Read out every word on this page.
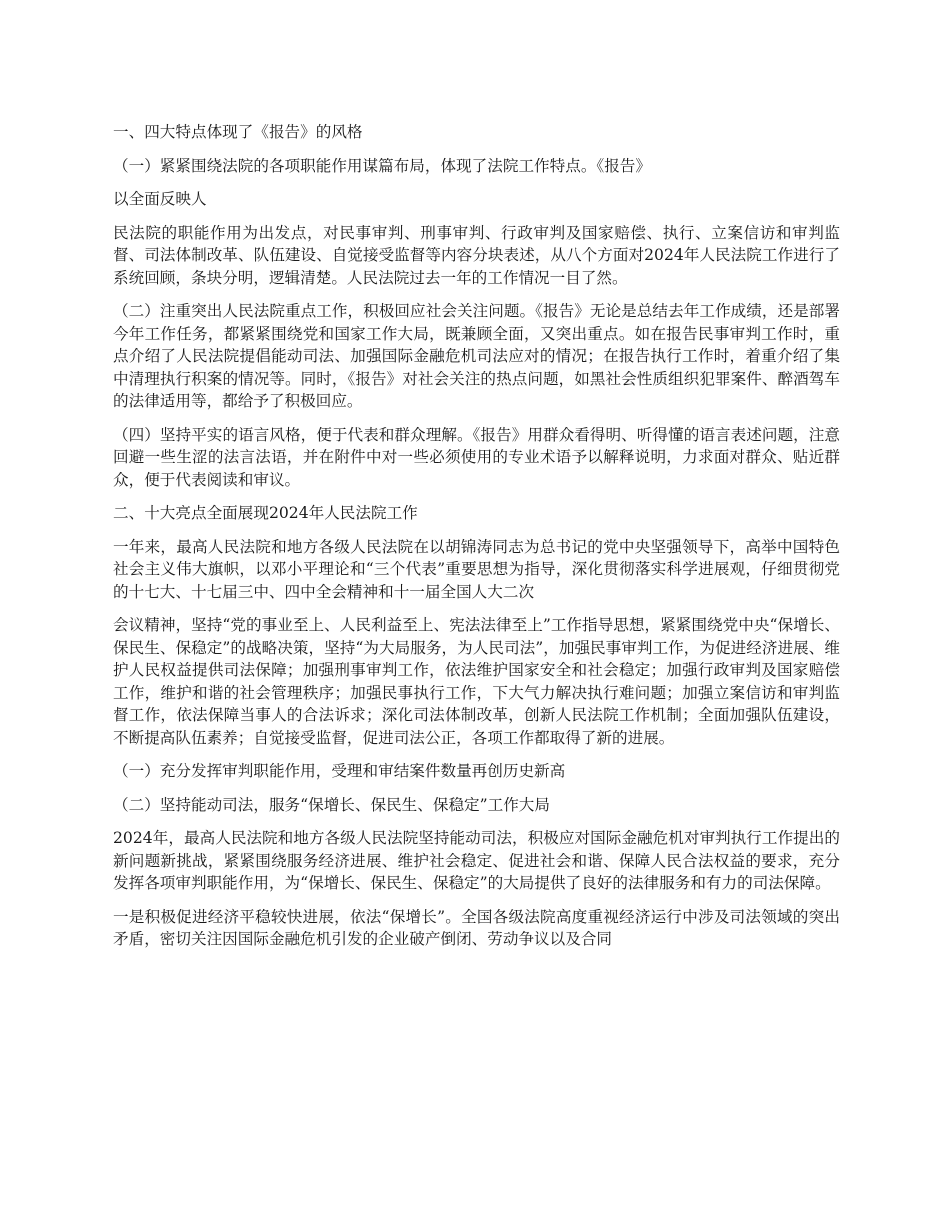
一、四大特点体现了《报告》的风格

（一）紧紧围绕法院的各项职能作用谋篇布局，体现了法院工作特点。《报告》

以全面反映人

民法院的职能作用为出发点，对民事审判、刑事审判、行政审判及国家赔偿、执行、立案信访和审判监督、司法体制改革、队伍建设、自觉接受监督等内容分块表述，从八个方面对2024年人民法院工作进行了系统回顾，条块分明，逻辑清楚。人民法院过去一年的工作情况一目了然。

（二）注重突出人民法院重点工作，积极回应社会关注问题。《报告》无论是总结去年工作成绩，还是部署今年工作任务，都紧紧围绕党和国家工作大局，既兼顾全面，又突出重点。如在报告民事审判工作时，重点介绍了人民法院提倡能动司法、加强国际金融危机司法应对的情况；在报告执行工作时，着重介绍了集中清理执行积案的情况等。同时，《报告》对社会关注的热点问题，如黑社会性质组织犯罪案件、醉酒驾车的法律适用等，都给予了积极回应。

（四）坚持平实的语言风格，便于代表和群众理解。《报告》用群众看得明、听得懂的语言表述问题，注意回避一些生涩的法言法语，并在附件中对一些必须使用的专业术语予以解释说明，力求面对群众、贴近群众，便于代表阅读和审议。

二、十大亮点全面展现2024年人民法院工作

一年来，最高人民法院和地方各级人民法院在以胡锦涛同志为总书记的党中央坚强领导下，高举中国特色社会主义伟大旗帜，以邓小平理论和“三个代表”重要思想为指导，深化贯彻落实科学进展观，仔细贯彻党的十七大、十七届三中、四中全会精神和十一届全国人大二次

会议精神，坚持“党的事业至上、人民利益至上、宪法法律至上”工作指导思想，紧紧围绕党中央“保增长、保民生、保稳定”的战略决策，坚持“为大局服务，为人民司法”，加强民事审判工作，为促进经济进展、维护人民权益提供司法保障；加强刑事审判工作，依法维护国家安全和社会稳定；加强行政审判及国家赔偿工作，维护和谐的社会管理秩序；加强民事执行工作，下大气力解决执行难问题；加强立案信访和审判监督工作，依法保障当事人的合法诉求；深化司法体制改革，创新人民法院工作机制；全面加强队伍建设，不断提高队伍素养；自觉接受监督，促进司法公正，各项工作都取得了新的进展。

（一）充分发挥审判职能作用，受理和审结案件数量再创历史新高

（二）坚持能动司法，服务“保增长、保民生、保稳定”工作大局

2024年，最高人民法院和地方各级人民法院坚持能动司法，积极应对国际金融危机对审判执行工作提出的新问题新挑战，紧紧围绕服务经济进展、维护社会稳定、促进社会和谐、保障人民合法权益的要求，充分发挥各项审判职能作用，为“保增长、保民生、保稳定”的大局提供了良好的法律服务和有力的司法保障。

一是积极促进经济平稳较快进展，依法“保增长”。全国各级法院高度重视经济运行中涉及司法领域的突出矛盾，密切关注因国际金融危机引发的企业破产倒闭、劳动争议以及合同
